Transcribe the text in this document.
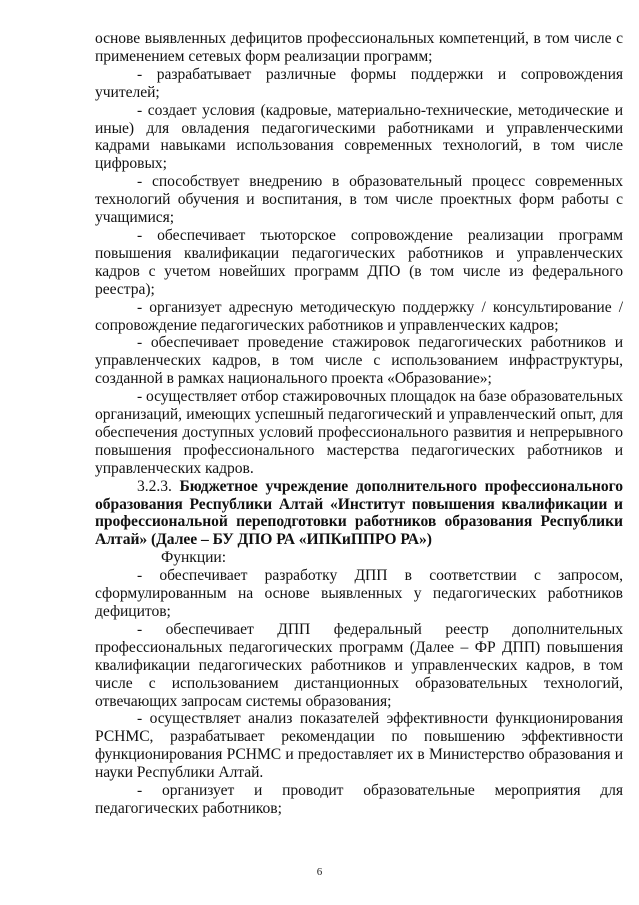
основе выявленных дефицитов профессиональных компетенций, в том числе с применением сетевых форм реализации программ;

- разрабатывает различные формы поддержки и сопровождения учителей;

- создает условия (кадровые, материально-технические, методические и иные) для овладения педагогическими работниками и управленческими кадрами навыками использования современных технологий, в том числе цифровых;

- способствует внедрению в образовательный процесс современных технологий обучения и воспитания, в том числе проектных форм работы с учащимися;

- обеспечивает тьюторское сопровождение реализации программ повышения квалификации педагогических работников и управленческих кадров с учетом новейших программ ДПО (в том числе из федерального реестра);

- организует адресную методическую поддержку / консультирование / сопровождение педагогических работников и управленческих кадров;

- обеспечивает проведение стажировок педагогических работников и управленческих кадров, в том числе с использованием инфраструктуры, созданной в рамках национального проекта «Образование»;

- осуществляет отбор стажировочных площадок на базе образовательных организаций, имеющих успешный педагогический и управленческий опыт, для обеспечения доступных условий профессионального развития и непрерывного повышения профессионального мастерства педагогических работников и управленческих кадров.

3.2.3. Бюджетное учреждение дополнительного профессионального образования Республики Алтай «Институт повышения квалификации и профессиональной переподготовки работников образования Республики Алтай» (Далее – БУ ДПО РА «ИПКиППРО РА»)

Функции:

- обеспечивает разработку ДПП в соответствии с запросом, сформулированным на основе выявленных у педагогических работников дефицитов;

- обеспечивает ДПП федеральный реестр дополнительных профессиональных педагогических программ (Далее – ФР ДПП) повышения квалификации педагогических работников и управленческих кадров, в том числе с использованием дистанционных образовательных технологий, отвечающих запросам системы образования;

- осуществляет анализ показателей эффективности функционирования РСНМС, разрабатывает рекомендации по повышению эффективности функционирования РСНМС и предоставляет их в Министерство образования и науки Республики Алтай.

- организует и проводит образовательные мероприятия для педагогических работников;

6
